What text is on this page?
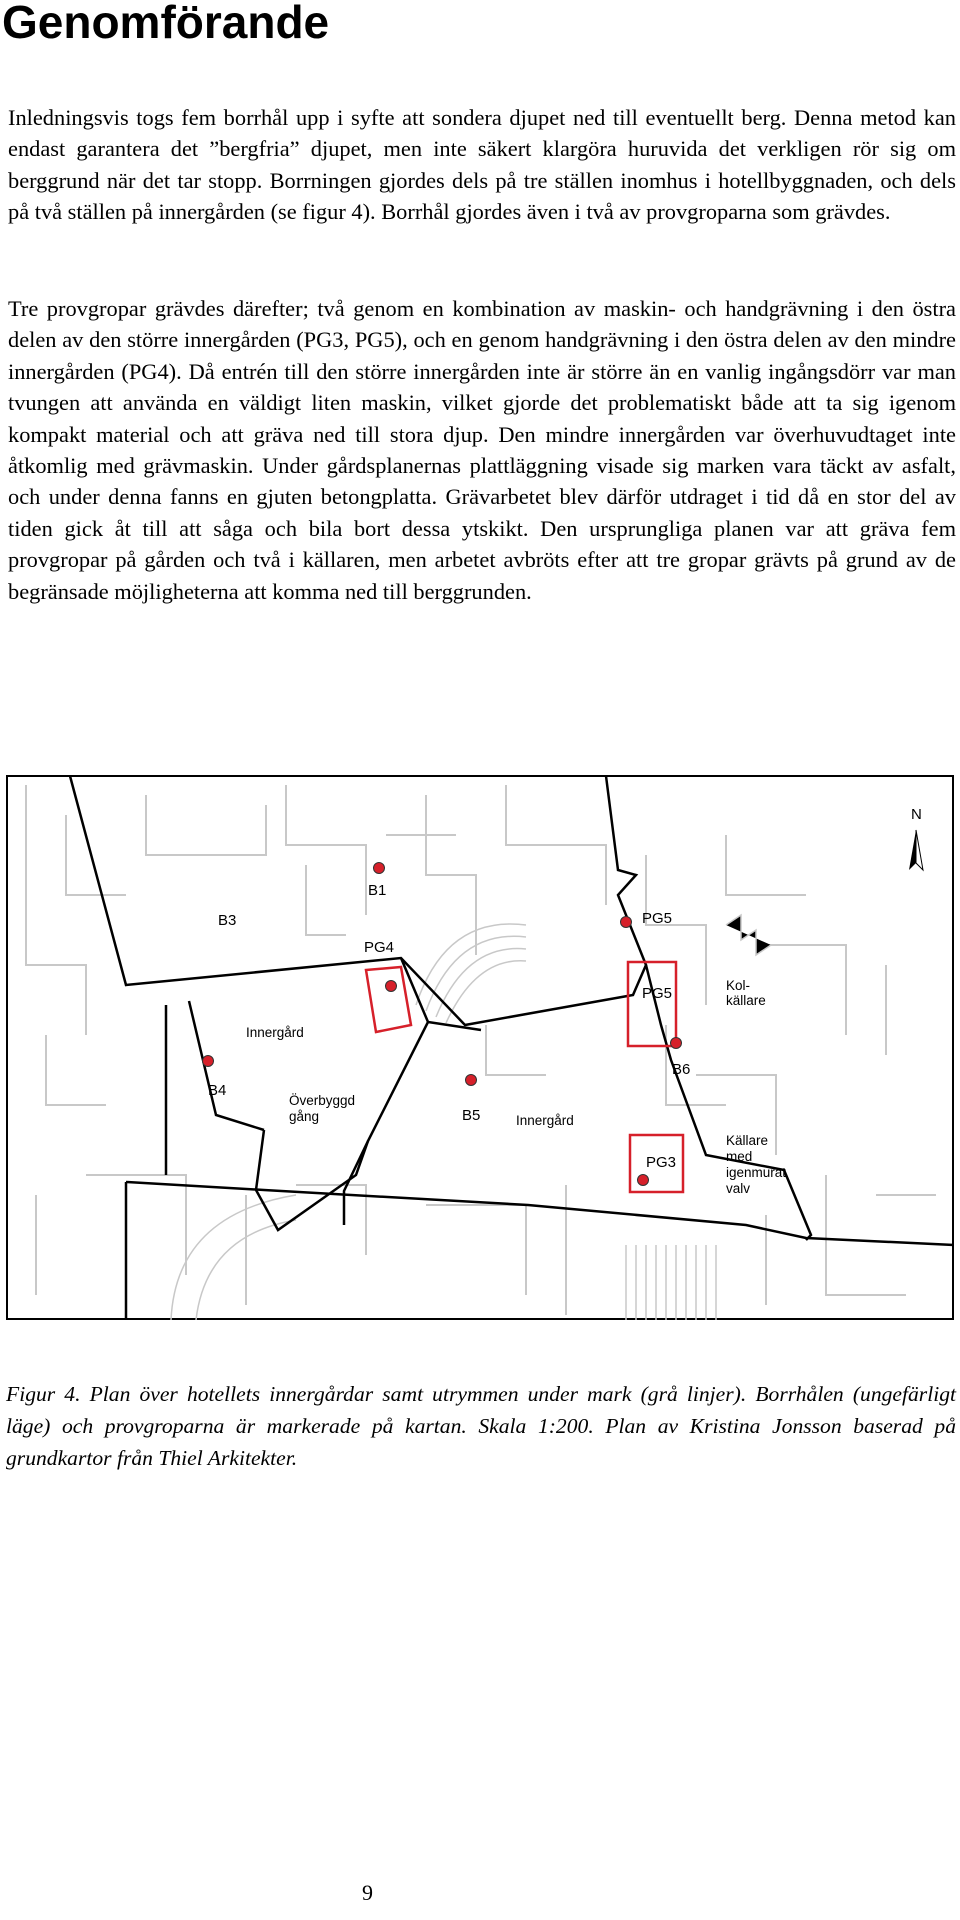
Genomförande

Inledningsvis togs fem borrhål upp i syfte att sondera djupet ned till eventuellt berg. Denna metod kan endast garantera det ”bergfria” djupet, men inte säkert klargöra huruvida det verkligen rör sig om berggrund när det tar stopp. Borrningen gjordes dels på tre ställen inomhus i hotellbyggnaden, och dels på två ställen på innergården (se figur 4). Borrhål gjordes även i två av provgroparna som grävdes.

Tre provgropar grävdes därefter; två genom en kombination av maskin- och handgrävning i den östra delen av den större innergården (PG3, PG5), och en genom handgrävning i den östra delen av den mindre innergården (PG4). Då entrén till den större innergården inte är större än en vanlig ingångsdörr var man tvungen att använda en väldigt liten maskin, vilket gjorde det problematiskt både att ta sig igenom kompakt material och att gräva ned till stora djup. Den mindre innergården var överhuvudtaget inte åtkomlig med grävmaskin. Under gårdsplanernas plattläggning visade sig marken vara täckt av asfalt, och under denna fanns en gjuten betongplatta. Grävarbetet blev därför utdraget i tid då en stor del av tiden gick åt till att såga och bila bort dessa ytskikt. Den ursprungliga planen var att gräva fem provgropar på gården och två i källaren, men arbetet avbröts efter att tre gropar grävts på grund av de begränsade möjligheterna att komma ned till berggrunden.

N
B1
B3
B4
B5
B6
PG3
PG4
PG5
PG5
Innergård
Innergård
Överbyggd
gång
Kol-
källare
Källare
med
igenmurat
valv

Figur 4. Plan över hotellets innergårdar samt utrymmen under mark (grå linjer). Borrhålen (ungefärligt läge) och provgroparna är markerade på kartan. Skala 1:200. Plan av Kristina Jonsson baserad på grundkartor från Thiel Arkitekter.

9
